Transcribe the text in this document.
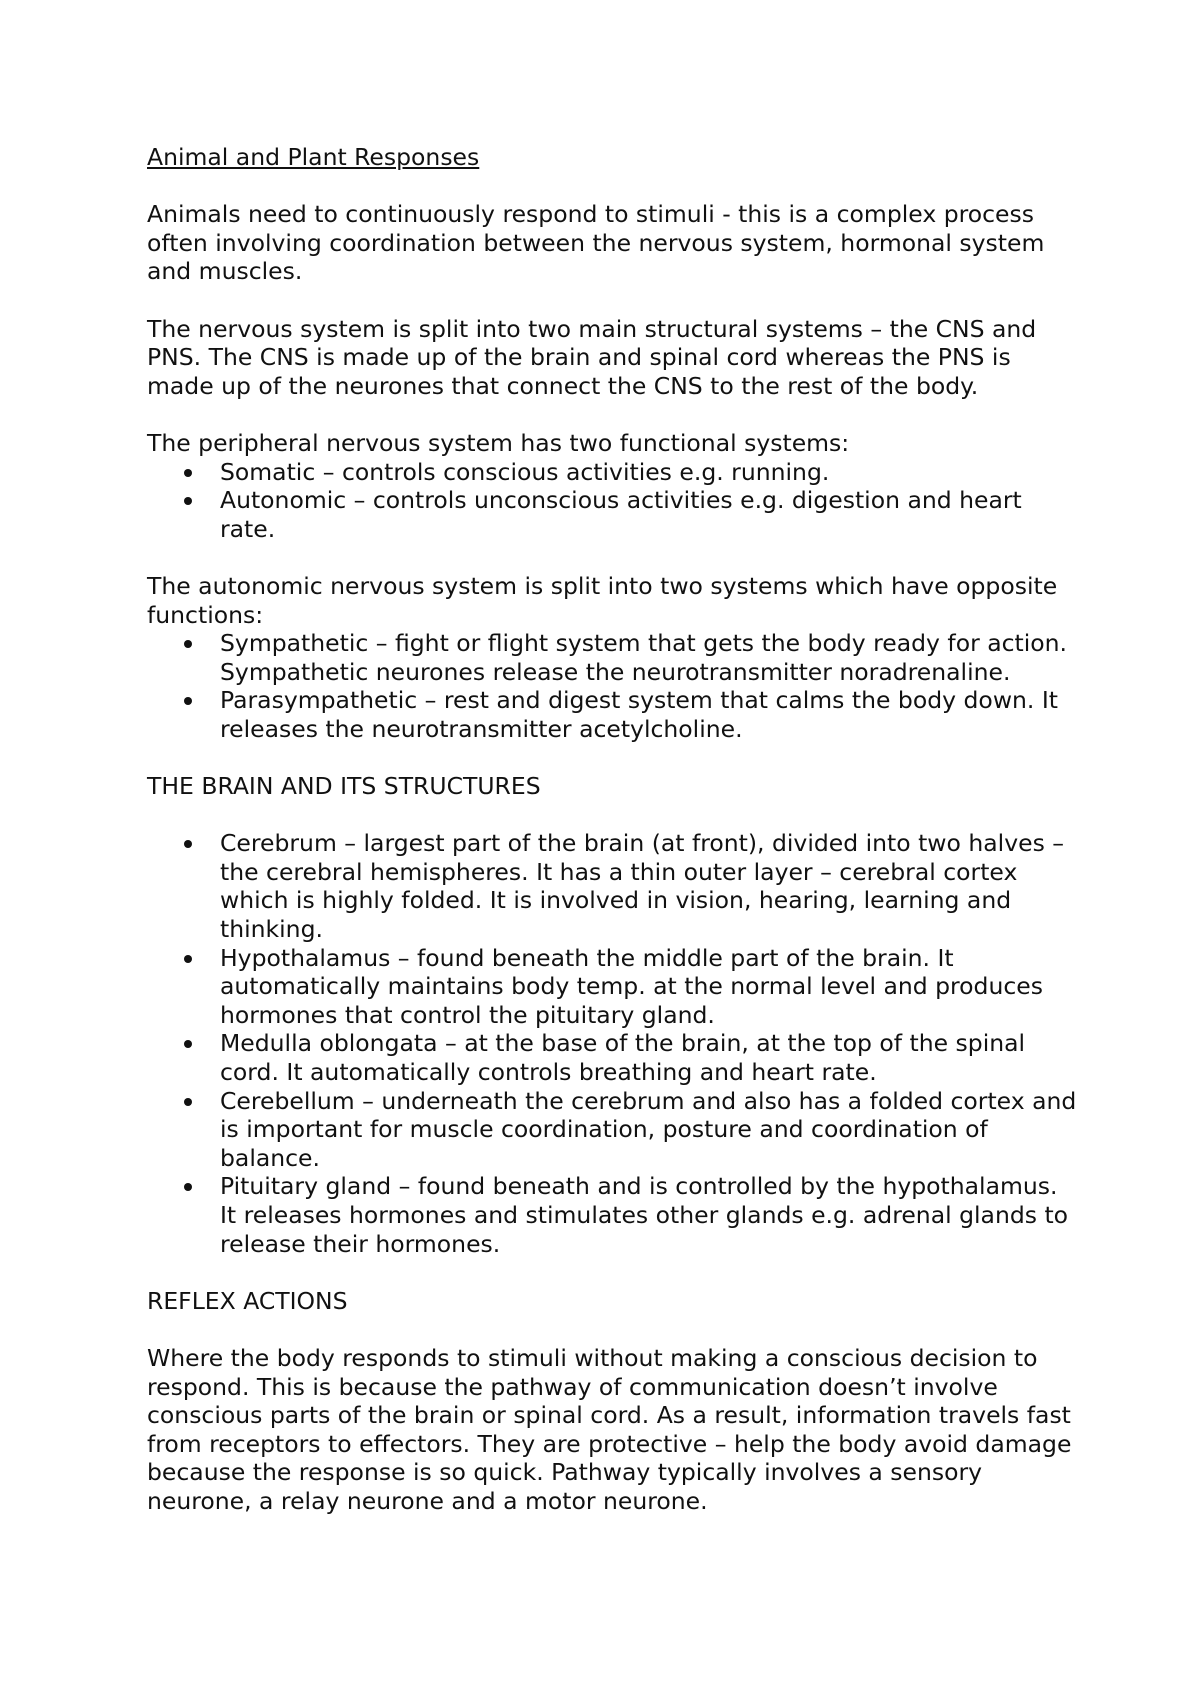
Animal and Plant Responses

Animals need to continuously respond to stimuli - this is a complex process often involving coordination between the nervous system, hormonal system and muscles.

The nervous system is split into two main structural systems – the CNS and PNS. The CNS is made up of the brain and spinal cord whereas the PNS is made up of the neurones that connect the CNS to the rest of the body.

The peripheral nervous system has two functional systems:
Somatic – controls conscious activities e.g. running.
Autonomic – controls unconscious activities e.g. digestion and heart rate.
The autonomic nervous system is split into two systems which have opposite functions:
Sympathetic – fight or flight system that gets the body ready for action. Sympathetic neurones release the neurotransmitter noradrenaline.
Parasympathetic – rest and digest system that calms the body down. It releases the neurotransmitter acetylcholine.
THE BRAIN AND ITS STRUCTURES
Cerebrum – largest part of the brain (at front), divided into two halves – the cerebral hemispheres. It has a thin outer layer – cerebral cortex which is highly folded. It is involved in vision, hearing, learning and thinking.
Hypothalamus – found beneath the middle part of the brain. It automatically maintains body temp. at the normal level and produces hormones that control the pituitary gland.
Medulla oblongata – at the base of the brain, at the top of the spinal cord. It automatically controls breathing and heart rate.
Cerebellum – underneath the cerebrum and also has a folded cortex and is important for muscle coordination, posture and coordination of balance.
Pituitary gland – found beneath and is controlled by the hypothalamus. It releases hormones and stimulates other glands e.g. adrenal glands to release their hormones.
REFLEX ACTIONS

Where the body responds to stimuli without making a conscious decision to respond. This is because the pathway of communication doesn’t involve conscious parts of the brain or spinal cord. As a result, information travels fast from receptors to effectors. They are protective – help the body avoid damage because the response is so quick. Pathway typically involves a sensory neurone, a relay neurone and a motor neurone.
